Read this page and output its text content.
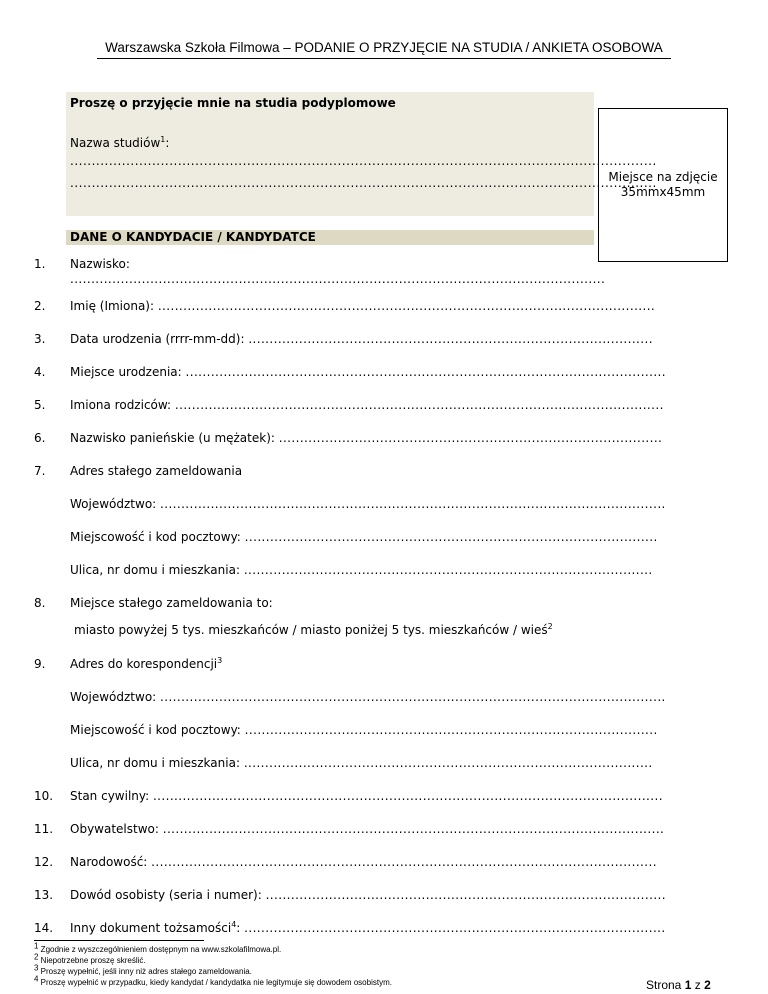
Warszawska Szkoła Filmowa – PODANIE O PRZYJĘCIE NA STUDIA / ANKIETA OSOBOWA
Proszę o przyjęcie mnie na studia podyplomowe
Nazwa studiów$^1$:
........................................................................................................................................
........................................................................................................................................
Miejsce na zdjęcie
35mmx45mm
DANE O KANDYDACIE / KANDYDATCE
1. Nazwisko:
...............................................................................................................................
2. Imię (Imiona): ......................................................................................................................
3. Data urodzenia (rrrr-mm-dd): ................................................................................................
4. Miejsce urodzenia: ..................................................................................................................
5. Imiona rodziców: ....................................................................................................................
6. Nazwisko panieńskie (u mężatek): ...........................................................................................
7. Adres stałego zameldowania
Województwo: ........................................................................................................................
Miejscowość i kod pocztowy: ..................................................................................................
Ulica, nr domu i mieszkania: .................................................................................................
8. Miejsce stałego zameldowania to:
miasto powyżej 5 tys. mieszkańców / miasto poniżej 5 tys. mieszkańców / wieś$^2$
9. Adres do korespondencji$^3$
Województwo: ........................................................................................................................
Miejscowość i kod pocztowy: ..................................................................................................
Ulica, nr domu i mieszkania: .................................................................................................
10. Stan cywilny: .........................................................................................................................
11. Obywatelstwo: .......................................................................................................................
12. Narodowość: ........................................................................................................................
13. Dowód osobisty (seria i numer): ...............................................................................................
14. Inny dokument tożsamości$^4$: ....................................................................................................
$^1$ Zgodnie z wyszczególnieniem dostępnym na www.szkolafilmowa.pl.
$^2$ Niepotrzebne proszę skreślić.
$^3$ Proszę wypełnić, jeśli inny niż adres stałego zameldowania.
$^4$ Proszę wypełnić w przypadku, kiedy kandydat / kandydatka nie legitymuje się dowodem osobistym.	Strona 1 z 2
